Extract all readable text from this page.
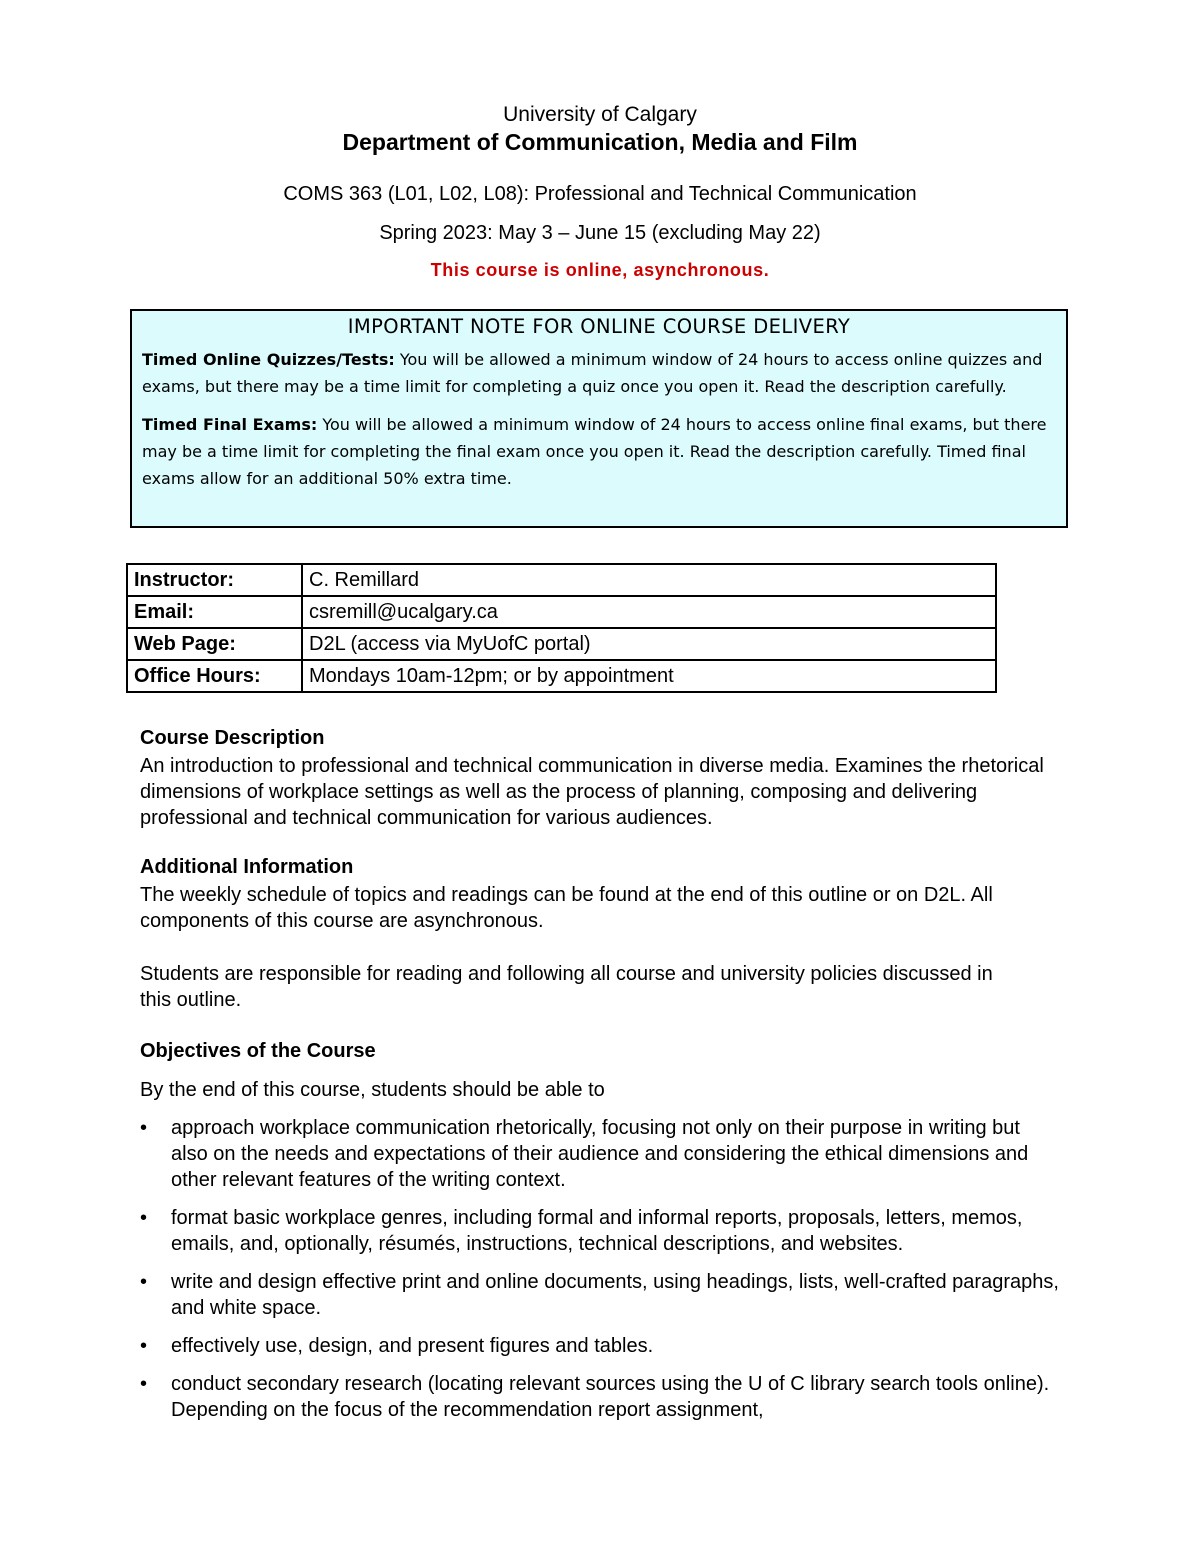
University of Calgary
Department of Communication, Media and Film
COMS 363 (L01, L02, L08): Professional and Technical Communication
Spring 2023: May 3 – June 15 (excluding May 22)
This course is online, asynchronous.
IMPORTANT NOTE FOR ONLINE COURSE DELIVERY

Timed Online Quizzes/Tests: You will be allowed a minimum window of 24 hours to access online quizzes and exams, but there may be a time limit for completing a quiz once you open it. Read the description carefully.

Timed Final Exams: You will be allowed a minimum window of 24 hours to access online final exams, but there may be a time limit for completing the final exam once you open it. Read the description carefully. Timed final exams allow for an additional 50% extra time.

Instructor:	C. Remillard
Email:	csremill@ucalgary.ca
Web Page:	D2L (access via MyUofC portal)
Office Hours:	Mondays 10am-12pm; or by appointment
Course Description
An introduction to professional and technical communication in diverse media. Examines the rhetorical dimensions of workplace settings as well as the process of planning, composing and delivering professional and technical communication for various audiences.
Additional Information
The weekly schedule of topics and readings can be found at the end of this outline or on D2L. All components of this course are asynchronous.
Students are responsible for reading and following all course and university policies discussed in this outline.
Objectives of the Course
By the end of this course, students should be able to
• approach workplace communication rhetorically, focusing not only on their purpose in writing but also on the needs and expectations of their audience and considering the ethical dimensions and other relevant features of the writing context.
• format basic workplace genres, including formal and informal reports, proposals, letters, memos, emails, and, optionally, résumés, instructions, technical descriptions, and websites.
• write and design effective print and online documents, using headings, lists, well-crafted paragraphs, and white space.
• effectively use, design, and present figures and tables.
• conduct secondary research (locating relevant sources using the U of C library search tools online). Depending on the focus of the recommendation report assignment,
